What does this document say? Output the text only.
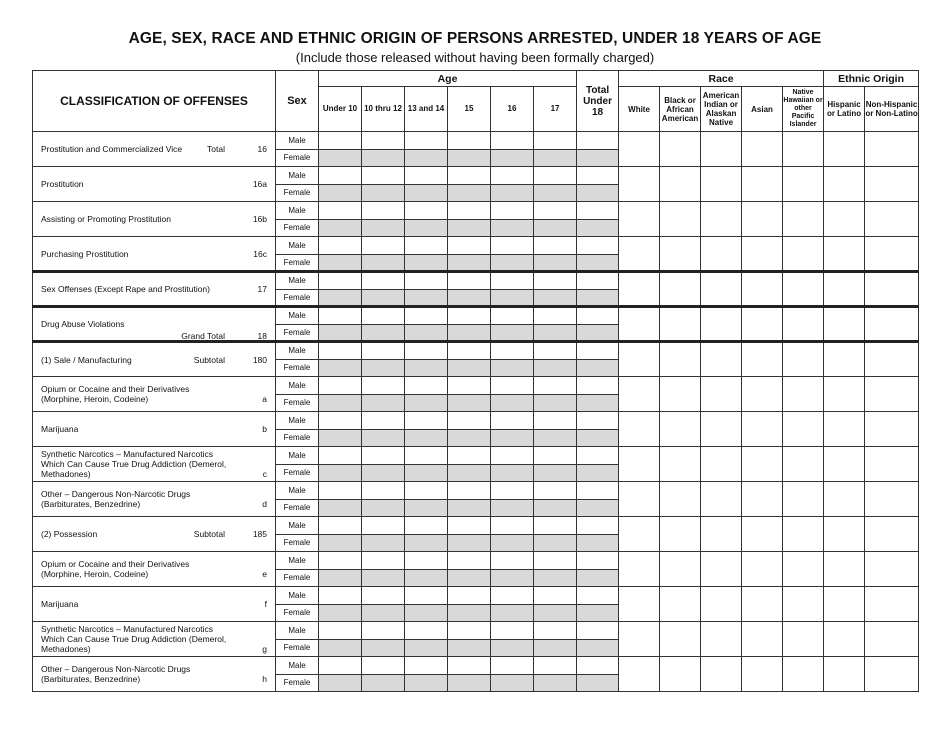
AGE, SEX, RACE AND ETHNIC ORIGIN OF PERSONS ARRESTED, UNDER 18 YEARS OF AGE
(Include those released without having been formally charged)
CLASSIFICATION OF OFFENSES	Sex	Age						Total Under 18	Race					Ethnic Origin	
		Under 10	10 thru 12	13 and 14	15	16	17		White	Black or African American	American Indian or Alaskan Native	Asian	Native Hawaiian or other Pacific Islander	Hispanic or Latino	Non-Hispanic or Non-Latino

Prostitution and Commercialized Vice Total 16	Male														
	Female														

Prostitution 16a	Male														
	Female														

Assisting or Promoting Prostitution 16b	Male														
	Female														

Purchasing Prostitution 16c	Male														
	Female														

Sex Offenses (Except Rape and Prostitution) 17	Male														
	Female														

Drug Abuse Violations
Grand Total 18	Male														
	Female														

(1) Sale / Manufacturing Subtotal 180	Male														
	Female														

Opium or Cocaine and their Derivatives (Morphine, Heroin, Codeine) a	Male														
	Female														

Marijuana b	Male														
	Female														

Synthetic Narcotics – Manufactured Narcotics Which Can Cause True Drug Addiction (Demerol, Methadones) c	Male														
	Female														

Other – Dangerous Non-Narcotic Drugs (Barbiturates, Benzedrine) d	Male														
	Female														

(2) Possession Subtotal 185	Male														
	Female														

Opium or Cocaine and their Derivatives (Morphine, Heroin, Codeine) e	Male														
	Female														

Marijuana f	Male														
	Female														

Synthetic Narcotics – Manufactured Narcotics Which Can Cause True Drug Addiction (Demerol, Methadones) g	Male														
	Female														

Other – Dangerous Non-Narcotic Drugs (Barbiturates, Benzedrine) h	Male														
	Female														
